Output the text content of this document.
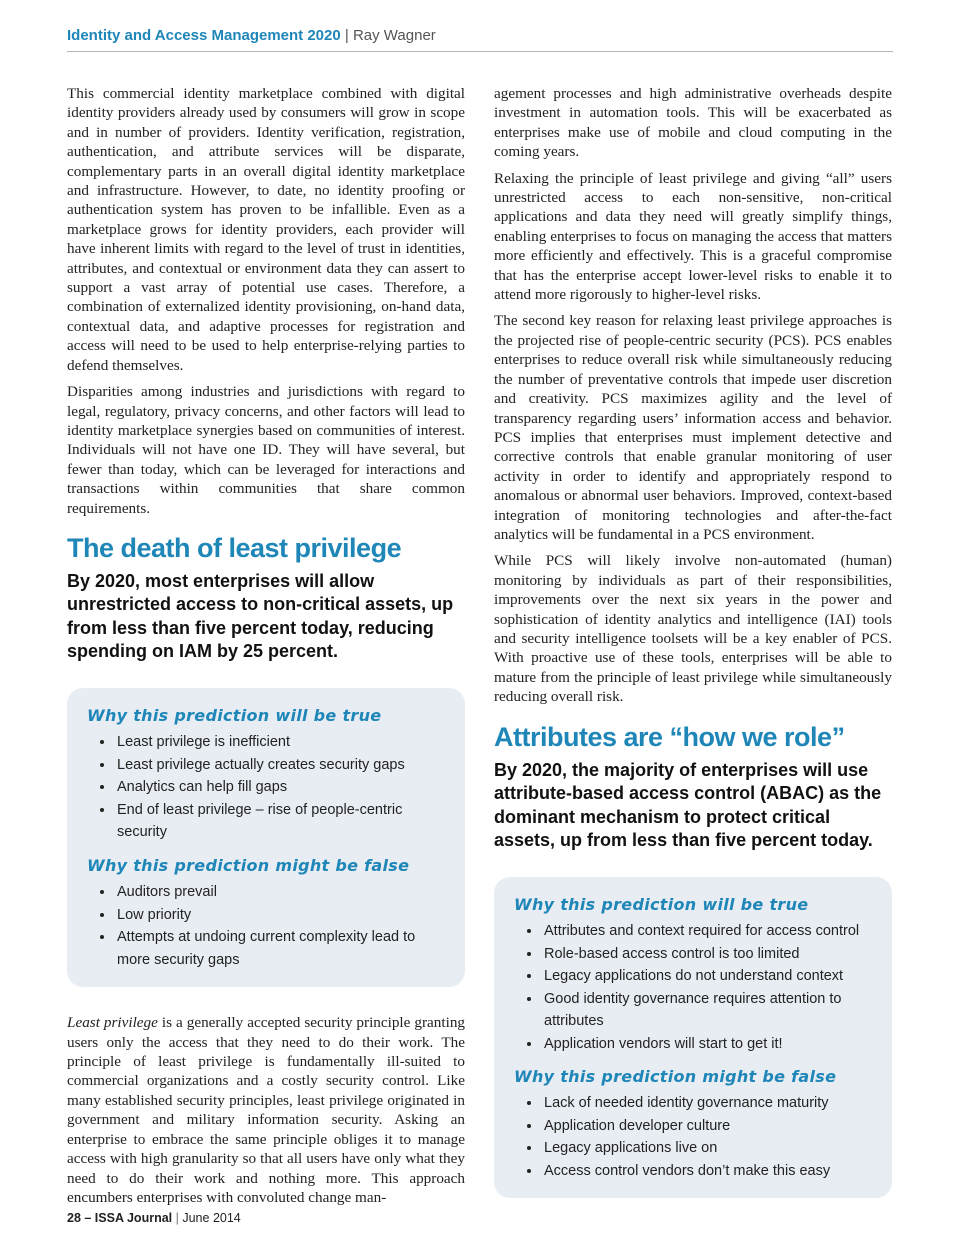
Identity and Access Management 2020 | Ray Wagner

This commercial identity marketplace combined with digital identity providers already used by consumers will grow in scope and in number of providers. Identity verification, registration, authentication, and attribute services will be disparate, complementary parts in an overall digital identity marketplace and infrastructure. However, to date, no identity proofing or authentication system has proven to be infallible. Even as a marketplace grows for identity providers, each provider will have inherent limits with regard to the level of trust in identities, attributes, and contextual or environment data they can assert to support a vast array of potential use cases. Therefore, a combination of externalized identity provisioning, on-hand data, contextual data, and adaptive processes for registration and access will need to be used to help enterprise-relying parties to defend themselves.

Disparities among industries and jurisdictions with regard to legal, regulatory, privacy concerns, and other factors will lead to identity marketplace synergies based on communities of interest. Individuals will not have one ID. They will have several, but fewer than today, which can be leveraged for interactions and transactions within communities that share common requirements.

The death of least privilege
By 2020, most enterprises will allow unrestricted access to non-critical assets, up from less than five percent today, reducing spending on IAM by 25 percent.
Why this prediction will be true
• Least privilege is inefficient
• Least privilege actually creates security gaps
• Analytics can help fill gaps
• End of least privilege – rise of people-centric security
Why this prediction might be false
• Auditors prevail
• Low priority
• Attempts at undoing current complexity lead to more security gaps

Least privilege is a generally accepted security principle granting users only the access that they need to do their work. The principle of least privilege is fundamentally ill-suited to commercial organizations and a costly security control. Like many established security principles, least privilege originated in government and military information security. Asking an enterprise to embrace the same principle obliges it to manage access with high granularity so that all users have only what they need to do their work and nothing more. This approach encumbers enterprises with convoluted change man-

agement processes and high administrative overheads despite investment in automation tools. This will be exacerbated as enterprises make use of mobile and cloud computing in the coming years.

Relaxing the principle of least privilege and giving “all” users unrestricted access to each non-sensitive, non-critical applications and data they need will greatly simplify things, enabling enterprises to focus on managing the access that matters more efficiently and effectively. This is a graceful compromise that has the enterprise accept lower-level risks to enable it to attend more rigorously to higher-level risks.

The second key reason for relaxing least privilege approaches is the projected rise of people-centric security (PCS). PCS enables enterprises to reduce overall risk while simultaneously reducing the number of preventative controls that impede user discretion and creativity. PCS maximizes agility and the level of transparency regarding users’ information access and behavior. PCS implies that enterprises must implement detective and corrective controls that enable granular monitoring of user activity in order to identify and appropriately respond to anomalous or abnormal user behaviors. Improved, context-based integration of monitoring technologies and after-the-fact analytics will be fundamental in a PCS environment.

While PCS will likely involve non-automated (human) monitoring by individuals as part of their responsibilities, improvements over the next six years in the power and sophistication of identity analytics and intelligence (IAI) tools and security intelligence toolsets will be a key enabler of PCS. With proactive use of these tools, enterprises will be able to mature from the principle of least privilege while simultaneously reducing overall risk.

Attributes are “how we role”
By 2020, the majority of enterprises will use attribute-based access control (ABAC) as the dominant mechanism to protect critical assets, up from less than five percent today.
Why this prediction will be true
• Attributes and context required for access control
• Role-based access control is too limited
• Legacy applications do not understand context
• Good identity governance requires attention to attributes
• Application vendors will start to get it!
Why this prediction might be false
• Lack of needed identity governance maturity
• Application developer culture
• Legacy applications live on
• Access control vendors don’t make this easy
28 – ISSA Journal | June 2014
